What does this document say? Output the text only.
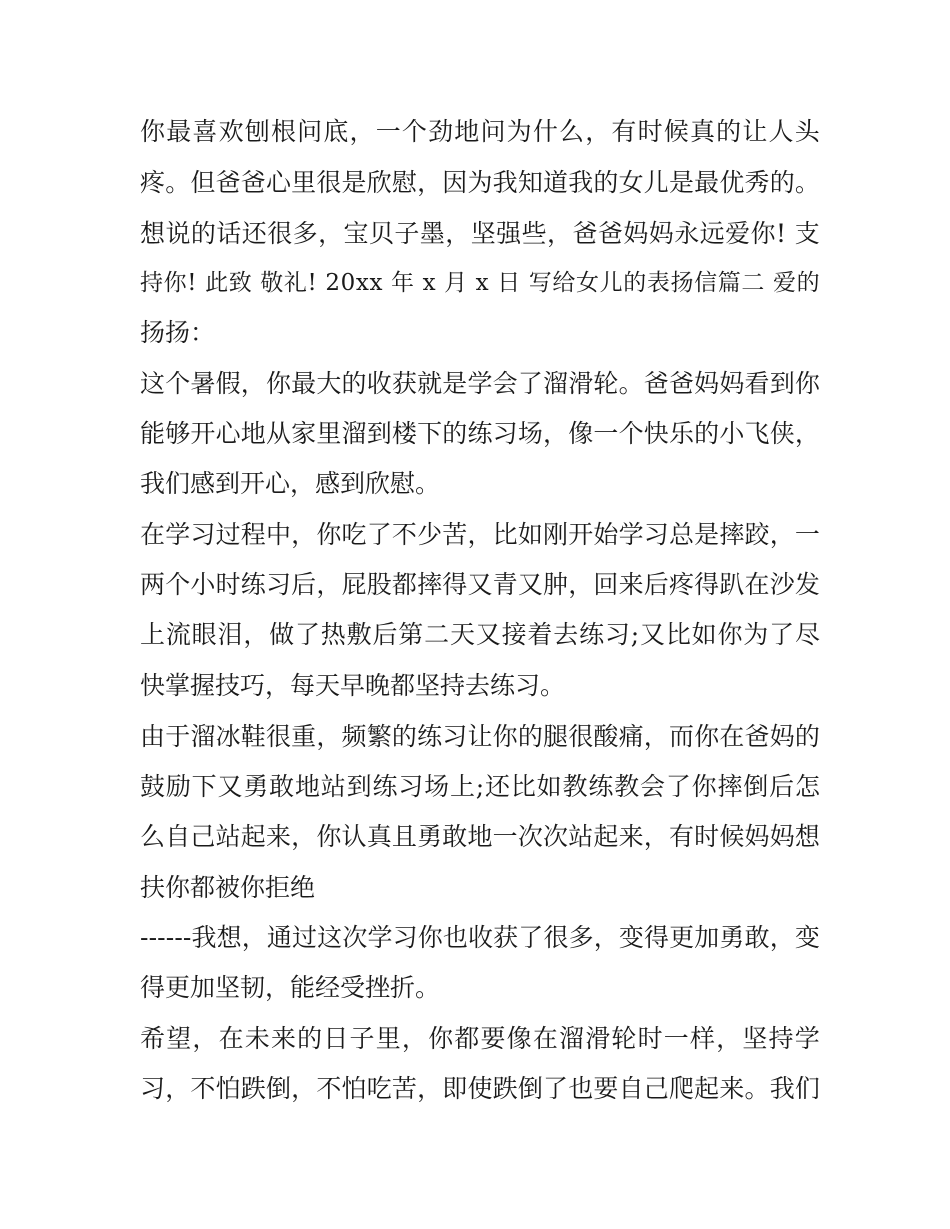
你 最 喜 欢 刨 根 问 底 ， 一 个 劲 地 问 为 什 么 ， 有 时 候 真 的 让 人 头
疼 。 但 爸 爸 心 里 很 是 欣 慰 ， 因 为 我 知 道 我 的 女 儿 是 最 优 秀 的 。
想 说 的 话 还 很 多 ， 宝 贝 子 墨 ， 坚 强 些 ， 爸 爸 妈 妈 永 远 爱 你 !
支
持 你 !
此 致
敬 礼 !
2 0 x x
年
x
月
x
日
写 给 女 儿 的 表 扬 信 篇 二
爱 的
扬扬：
这 个 暑 假 ， 你 最 大 的 收 获 就 是 学 会 了 溜 滑 轮 。 爸 爸 妈 妈 看 到 你
能 够 开 心 地 从 家 里 溜 到 楼 下 的 练 习 场 ， 像 一 个 快 乐 的 小 飞 侠 ，
我们感到开心，感到欣慰。
在 学 习 过 程 中 ， 你 吃 了 不 少 苦 ， 比 如 刚 开 始 学 习 总 是 摔 跤 ， 一
两 个 小 时 练 习 后 ， 屁 股 都 摔 得 又 青 又 肿 ， 回 来 后 疼 得 趴 在 沙 发
上 流 眼 泪 ， 做 了 热 敷 后 第 二 天 又 接 着 去 练 习 ; 又 比 如 你 为 了 尽
快掌握技巧，每天早晚都坚持去练习。
由 于 溜 冰 鞋 很 重 ， 频 繁 的 练 习 让 你 的 腿 很 酸 痛 ， 而 你 在 爸 妈 的
鼓 励 下 又 勇 敢 地 站 到 练 习 场 上 ; 还 比 如 教 练 教 会 了 你 摔 倒 后 怎
么 自 己 站 起 来 ， 你 认 真 且 勇 敢 地 一 次 次 站 起 来 ， 有 时 候 妈 妈 想
扶你都被你拒绝
- - - - - - 我 想 ， 通 过 这 次 学 习 你 也 收 获 了 很 多 ， 变 得 更 加 勇 敢 ， 变
得更加坚韧，能经受挫折。
希 望 ， 在 未 来 的 日 子 里 ， 你 都 要 像 在 溜 滑 轮 时 一 样 ， 坚 持 学
习 ， 不 怕 跌 倒 ， 不 怕 吃 苦 ， 即 使 跌 倒 了 也 要 自 己 爬 起 来 。 我 们
